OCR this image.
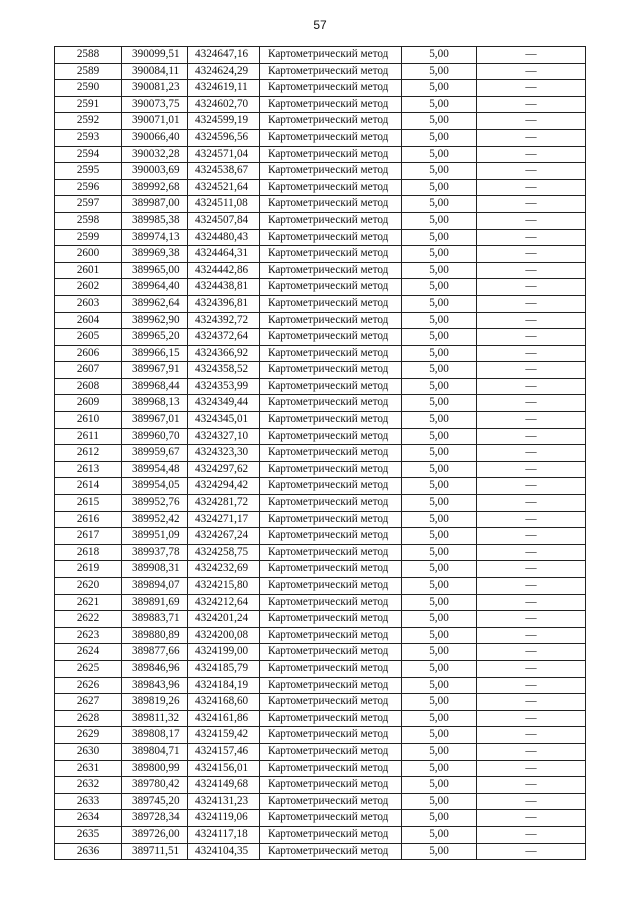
57
2588	390099,51	4324647,16	Картометрический метод	5,00	—
2589	390084,11	4324624,29	Картометрический метод	5,00	—
2590	390081,23	4324619,11	Картометрический метод	5,00	—
2591	390073,75	4324602,70	Картометрический метод	5,00	—
2592	390071,01	4324599,19	Картометрический метод	5,00	—
2593	390066,40	4324596,56	Картометрический метод	5,00	—
2594	390032,28	4324571,04	Картометрический метод	5,00	—
2595	390003,69	4324538,67	Картометрический метод	5,00	—
2596	389992,68	4324521,64	Картометрический метод	5,00	—
2597	389987,00	4324511,08	Картометрический метод	5,00	—
2598	389985,38	4324507,84	Картометрический метод	5,00	—
2599	389974,13	4324480,43	Картометрический метод	5,00	—
2600	389969,38	4324464,31	Картометрический метод	5,00	—
2601	389965,00	4324442,86	Картометрический метод	5,00	—
2602	389964,40	4324438,81	Картометрический метод	5,00	—
2603	389962,64	4324396,81	Картометрический метод	5,00	—
2604	389962,90	4324392,72	Картометрический метод	5,00	—
2605	389965,20	4324372,64	Картометрический метод	5,00	—
2606	389966,15	4324366,92	Картометрический метод	5,00	—
2607	389967,91	4324358,52	Картометрический метод	5,00	—
2608	389968,44	4324353,99	Картометрический метод	5,00	—
2609	389968,13	4324349,44	Картометрический метод	5,00	—
2610	389967,01	4324345,01	Картометрический метод	5,00	—
2611	389960,70	4324327,10	Картометрический метод	5,00	—
2612	389959,67	4324323,30	Картометрический метод	5,00	—
2613	389954,48	4324297,62	Картометрический метод	5,00	—
2614	389954,05	4324294,42	Картометрический метод	5,00	—
2615	389952,76	4324281,72	Картометрический метод	5,00	—
2616	389952,42	4324271,17	Картометрический метод	5,00	—
2617	389951,09	4324267,24	Картометрический метод	5,00	—
2618	389937,78	4324258,75	Картометрический метод	5,00	—
2619	389908,31	4324232,69	Картометрический метод	5,00	—
2620	389894,07	4324215,80	Картометрический метод	5,00	—
2621	389891,69	4324212,64	Картометрический метод	5,00	—
2622	389883,71	4324201,24	Картометрический метод	5,00	—
2623	389880,89	4324200,08	Картометрический метод	5,00	—
2624	389877,66	4324199,00	Картометрический метод	5,00	—
2625	389846,96	4324185,79	Картометрический метод	5,00	—
2626	389843,96	4324184,19	Картометрический метод	5,00	—
2627	389819,26	4324168,60	Картометрический метод	5,00	—
2628	389811,32	4324161,86	Картометрический метод	5,00	—
2629	389808,17	4324159,42	Картометрический метод	5,00	—
2630	389804,71	4324157,46	Картометрический метод	5,00	—
2631	389800,99	4324156,01	Картометрический метод	5,00	—
2632	389780,42	4324149,68	Картометрический метод	5,00	—
2633	389745,20	4324131,23	Картометрический метод	5,00	—
2634	389728,34	4324119,06	Картометрический метод	5,00	—
2635	389726,00	4324117,18	Картометрический метод	5,00	—
2636	389711,51	4324104,35	Картометрический метод	5,00	—
